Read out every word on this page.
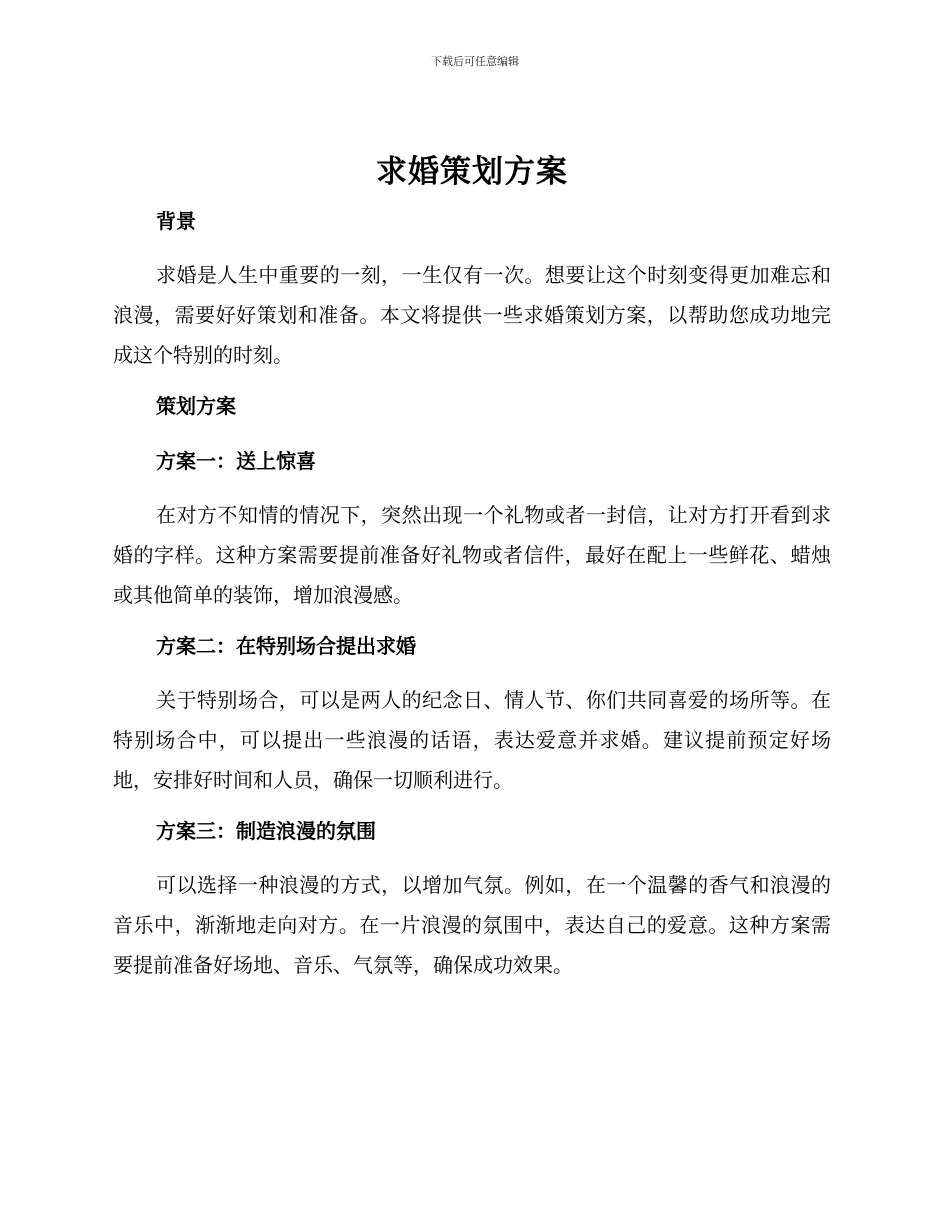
下载后可任意编辑
求婚策划方案
背景

求婚是人生中重要的一刻，一生仅有一次。想要让这个时刻变得更加难忘和浪漫，需要好好策划和准备。本文将提供一些求婚策划方案，以帮助您成功地完成这个特别的时刻。

策划方案
方案一：送上惊喜

在对方不知情的情况下，突然出现一个礼物或者一封信，让对方打开看到求婚的字样。这种方案需要提前准备好礼物或者信件，最好在配上一些鲜花、蜡烛或其他简单的装饰，增加浪漫感。

方案二：在特别场合提出求婚

关于特别场合，可以是两人的纪念日、情人节、你们共同喜爱的场所等。在特别场合中，可以提出一些浪漫的话语，表达爱意并求婚。建议提前预定好场地，安排好时间和人员，确保一切顺利进行。

方案三：制造浪漫的氛围

可以选择一种浪漫的方式，以增加气氛。例如，在一个温馨的香气和浪漫的音乐中，渐渐地走向对方。在一片浪漫的氛围中，表达自己的爱意。这种方案需要提前准备好场地、音乐、气氛等，确保成功效果。
